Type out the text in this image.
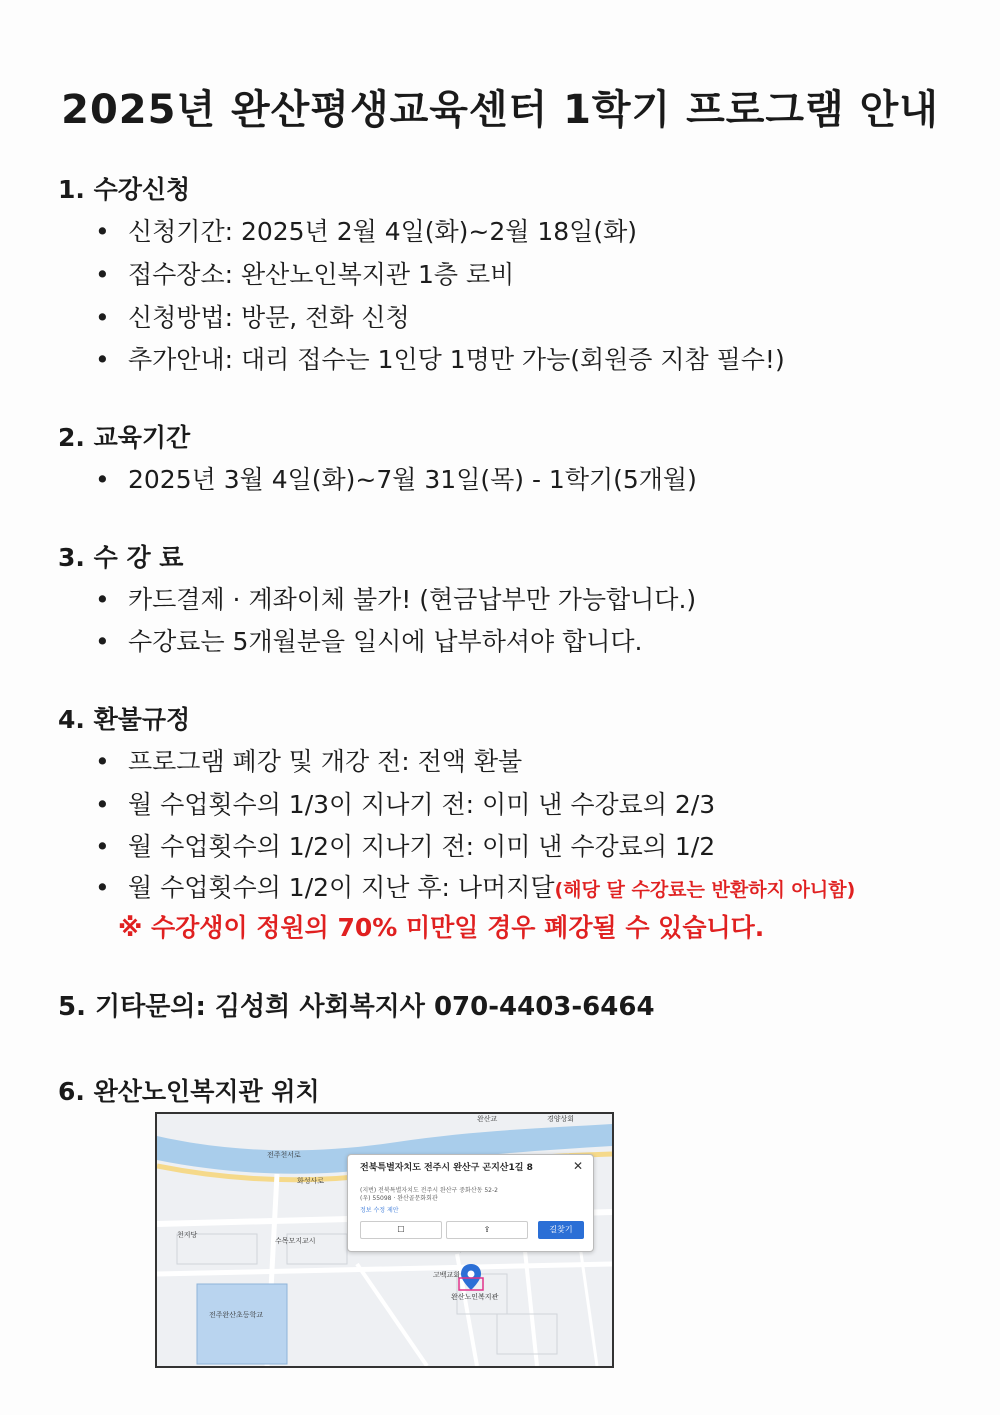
2025년 완산평생교육센터 1학기 프로그램 안내
1. 수강신청
• 신청기간: 2025년 2월 4일(화)~2월 18일(화)
• 접수장소: 완산노인복지관 1층 로비
• 신청방법: 방문, 전화 신청
• 추가안내: 대리 접수는 1인당 1명만 가능(회원증 지참 필수!)
2. 교육기간
• 2025년 3월 4일(화)~7월 31일(목) - 1학기(5개월)
3. 수 강 료
• 카드결제 · 계좌이체 불가! (현금납부만 가능합니다.)
• 수강료는 5개월분을 일시에 납부하셔야 합니다.
4. 환불규정
• 프로그램 폐강 및 개강 전: 전액 환불
• 월 수업횟수의 1/3이 지나기 전: 이미 낸 수강료의 2/3
• 월 수업횟수의 1/2이 지나기 전: 이미 낸 수강료의 1/2
• 월 수업횟수의 1/2이 지난 후: 나머지달(해당 달 수강료는 반환하지 아니함)
※ 수강생이 정원의 70% 미만일 경우 폐강될 수 있습니다.
5. 기타문의: 김성희 사회복지사 070-4403-6464
6. 완산노인복지관 위치
전주천서로
화성사로
수목모지교시
천지당
전주완산초등학교
고백교회
완산교	경양상회
완산노인복지관
전북특별자치도 전주시 완산구 곤지산1길 8	✕
(지번) 전북특별자치도 전주시 완산구 중화산동 52-2
(우) 55098 · 완산골문화회관
정보 수정 제안
☐	⇪	길찾기
